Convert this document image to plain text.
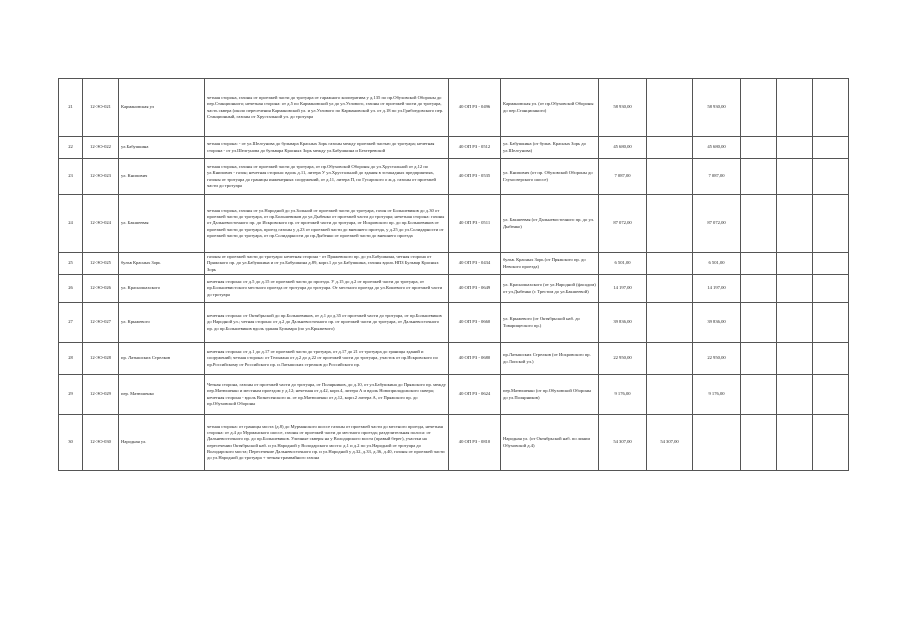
21	12-ЭО-021	Кармановская ул	четная сторона, газоны от проезжей части до тротуара от гаражного кооператива у д.135 по пр.Обуховской Обороны до пер.Станционного; нечетная сторона: от д.5 по Кармановской ул до ул.Углового, газоны от проезжей части до тротуара, часть сквера (около пересечения Кармановской ул. и ул.Углового по Кармановской ул. от д.18 по ул.Грибоедовского пер. Станционный, газоны от Хрустальной ул. до тротуара	40 ОП РЗ - 0496	Кармановская ул. (от пр.Обуховской Обороны до пер.Станционного)	58 930,00		58 930,00			
22	12-ЭО-022	ул.Бабушкина	четная сторона: - от ул.Шелгунова до бульвара Красных Зорь газоны между проезжей частью до тротуара; нечетная сторона - от ул.Шелгунова до бульвара Красных Зорь между ул.Бабушкина и Бехтеревской	40 ОП РЗ - 0512	ул. Бабушкина (от бульв. Красных Зорь до ул.Шелгунова)	45 680,00		45 680,00			
23	12-ЭО-023	ул. Книпович	четная сторона, газоны от проезжей части до тротуара, от пр.Обуховской Обороны до ул.Хрустальной от д.12 по ул.Книпович - газон; нечетная сторона: вдоль д.11, литера У ул.Хрустальной до здания в эстакадных предприятиях, газоны от тротуара до границы инженерных сооружений, от д.11, литера П, по Гусарского о ж.д. газоны от проезжей части до тротуара	40 ОП РЗ - 0535	ул. Книпович (от пр. Обуховской Обороны до Глухоозерского шоссе)	7 087,00		7 087,00			
24	12-ЭО-024	ул. Бакшеевая	четная сторона, газоны от ул.Народной до ул.Зольной от проезжей части до тротуара, газон от Большевиков до д.30 от проезжей части до тротуара, от пр.Большевиков до ул.Дыбенко от проезжей части до тротуара; нечетная сторона: газоны от Дальневосточного пр. до Искровского пр. от проезжей части до тротуара, от Искровского пр. до пр.Большевиков от проезжей части до тротуара, проезд газоны у д.23 от проезжей части до внешнего проезда, у д.25 до ул.Солидарности от проезжей части до тротуара, от пр.Солидарности до пр.Дыбенко от проезжей части до внешнего проезда	40 ОП РЗ - 0511	ул. Бакшеевая (от Дальневосточного пр. до ул. Дыбенко)	87 072,00		87 072,00			
25	12-ЭО-025	бульв Красных Зорь	газоны от проезжей части до тротуара: нечетная сторона - от Пряжевского пр. до ул.Бабушкина, четная сторона от Пряжского пр. до ул.Бабушкина и от ул.Бабушкина д.89, корп.1 до ул.Бабушкина, газоны вдоль НПЗ Бульвар Красных Зорь	40 ОП РЗ - 0434	бульв. Красных Зорь (от Пряжского пр. до Невского проезда)	6 501,00		6 501,00			
26	12-ЭО-026	ул. Красношахского	нечетная сторона: от д.5 до д.15 от проезжей части до проезда. У д.15 до д.2 от проезжей части до тротуара, от пр.Большевистского местного проезда от тротуара до тротуара. От местного проезда до ул.Кошевого от проезжей части до тротуара	40 ОП РЗ - 0649	ул. Красношахского (от ул.Народной (фасадом) от ул.Дыбенко (с Трестом до ул.Бакшеевой)	14 197,00		14 197,00			
27	12-ЭО-027	ул. Крыжевого	нечетная сторона: от Октябрьской до пр.Большевиков, от д.1 до д.35 от проезжей части до тротуара, от пр.Большевиков до Народной ул.; четная сторона: от д.2 до Дальневосточного пр. от проезжей части до тротуара, от Дальневосточного пр. до пр.Большевиков вдоль здания Бульвара (по ул.Крыжевого)	40 ОП РЗ - 0660	ул. Крыжевого (от Октябрьской наб. до Товарищеского пр.)	39 836,00		39 836,00			
28	12-ЭО-028	пр. Латышских Стрелков	нечетная сторона: от д.1 до д.17 от проезжей части до тротуара, от д.17 до 21 от тротуара до границы зданий и сооружений; четная сторона: от Тельмана от д.2 до д.22 от проезжей части до тротуара, участок от пр.Искровского по пр.Российскому от Российского пр. и Латышских стрелков до Российского пр.	40 ОП РЗ - 0680	пр.Латышских Стрелков (от Искровского пр. до Лопской ул.)	22 950,00		22 950,00			
29	12-ЭО-029	пер. Матюшенко	Четная сторона, газоны от проезжей части до тротуара, от Полярников, до д.10, от ул.Бабушкина до Пряжского пр. между пер.Матюшенко и местным проездом у д.12; нечетная от д.42, корп.4, литера А и вдоль Новоприладожского сквера; нечетная сторона - вдоль Вознесенского ш. от пр.Матюшенко от д.12, корп.2 литера А, от Пряжского пр. до пр.Обуховской Обороны	40 ОП РЗ - 0624	пер.Матюшенко (от пр.Обуховской Обороны до ул.Полярников)	9 176,00		9 176,00			
30	12-ЭО-030	Народная ул.	четная сторона: от границы моста (д.8) до Мурманского шоссе газоны от проезжей части до местного проезда, нечетная сторона: от д.4 до Мурманского шоссе, газоны от проезжей части до местного проезда; разделительная полоса: от Дальневосточного пр. до пр.Большевиков. Уличные скверы на у Володарского моста (правый берег), участки на пересечении Октябрьской наб. и ул.Народной у Володарского моста: д.1 и д.2 по ул.Народной от тротуара до Володарского моста; Пересечение Дальневосточного пр. и ул.Народной у д.32, д.33, д.36, д.40, газоны от проезжей части до ул.Народной до тротуара + четная трамвайного газона	40 ОП РЗ - 0810	Народная ул. (от Октябрьской наб. по линии Обуховской д.4)	54 307,00	54 307,00				
